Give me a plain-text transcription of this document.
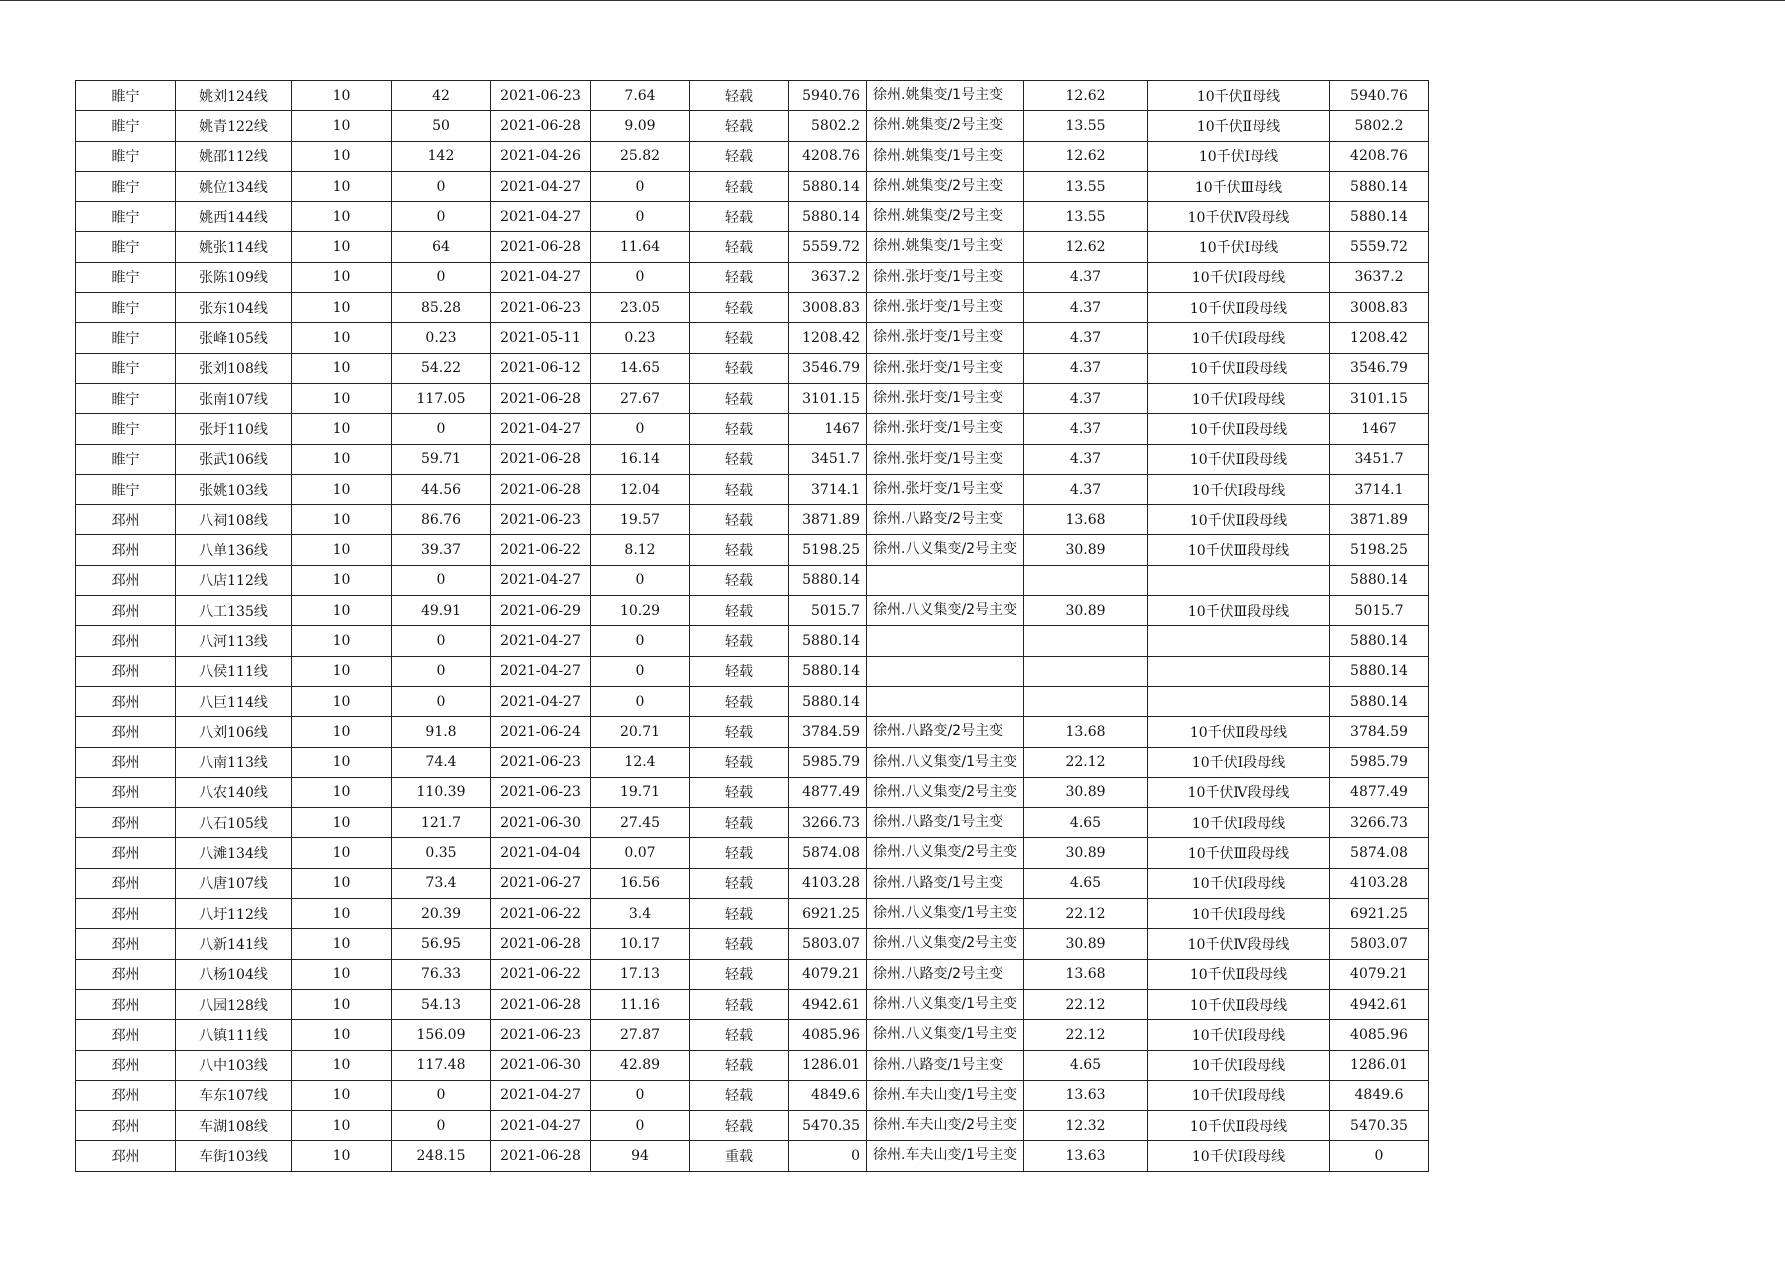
睢宁	姚刘124线	10	42	2021-06-23	7.64	轻载	5940.76	徐州.姚集变/1号主变	12.62	10千伏Ⅱ母线	5940.76
睢宁	姚青122线	10	50	2021-06-28	9.09	轻载	5802.2	徐州.姚集变/2号主变	13.55	10千伏Ⅱ母线	5802.2
睢宁	姚邵112线	10	142	2021-04-26	25.82	轻载	4208.76	徐州.姚集变/1号主变	12.62	10千伏Ⅰ母线	4208.76
睢宁	姚位134线	10	0	2021-04-27	0	轻载	5880.14	徐州.姚集变/2号主变	13.55	10千伏Ⅲ母线	5880.14
睢宁	姚西144线	10	0	2021-04-27	0	轻载	5880.14	徐州.姚集变/2号主变	13.55	10千伏Ⅳ段母线	5880.14
睢宁	姚张114线	10	64	2021-06-28	11.64	轻载	5559.72	徐州.姚集变/1号主变	12.62	10千伏Ⅰ母线	5559.72
睢宁	张陈109线	10	0	2021-04-27	0	轻载	3637.2	徐州.张圩变/1号主变	4.37	10千伏Ⅰ段母线	3637.2
睢宁	张东104线	10	85.28	2021-06-23	23.05	轻载	3008.83	徐州.张圩变/1号主变	4.37	10千伏Ⅱ段母线	3008.83
睢宁	张峰105线	10	0.23	2021-05-11	0.23	轻载	1208.42	徐州.张圩变/1号主变	4.37	10千伏Ⅰ段母线	1208.42
睢宁	张刘108线	10	54.22	2021-06-12	14.65	轻载	3546.79	徐州.张圩变/1号主变	4.37	10千伏Ⅱ段母线	3546.79
睢宁	张南107线	10	117.05	2021-06-28	27.67	轻载	3101.15	徐州.张圩变/1号主变	4.37	10千伏Ⅰ段母线	3101.15
睢宁	张圩110线	10	0	2021-04-27	0	轻载	1467	徐州.张圩变/1号主变	4.37	10千伏Ⅱ段母线	1467
睢宁	张武106线	10	59.71	2021-06-28	16.14	轻载	3451.7	徐州.张圩变/1号主变	4.37	10千伏Ⅱ段母线	3451.7
睢宁	张姚103线	10	44.56	2021-06-28	12.04	轻载	3714.1	徐州.张圩变/1号主变	4.37	10千伏Ⅰ段母线	3714.1
邳州	八祠108线	10	86.76	2021-06-23	19.57	轻载	3871.89	徐州.八路变/2号主变	13.68	10千伏Ⅱ段母线	3871.89
邳州	八单136线	10	39.37	2021-06-22	8.12	轻载	5198.25	徐州.八义集变/2号主变	30.89	10千伏Ⅲ段母线	5198.25
邳州	八店112线	10	0	2021-04-27	0	轻载	5880.14				5880.14
邳州	八工135线	10	49.91	2021-06-29	10.29	轻载	5015.7	徐州.八义集变/2号主变	30.89	10千伏Ⅲ段母线	5015.7
邳州	八河113线	10	0	2021-04-27	0	轻载	5880.14				5880.14
邳州	八侯111线	10	0	2021-04-27	0	轻载	5880.14				5880.14
邳州	八巨114线	10	0	2021-04-27	0	轻载	5880.14				5880.14
邳州	八刘106线	10	91.8	2021-06-24	20.71	轻载	3784.59	徐州.八路变/2号主变	13.68	10千伏Ⅱ段母线	3784.59
邳州	八南113线	10	74.4	2021-06-23	12.4	轻载	5985.79	徐州.八义集变/1号主变	22.12	10千伏Ⅰ段母线	5985.79
邳州	八农140线	10	110.39	2021-06-23	19.71	轻载	4877.49	徐州.八义集变/2号主变	30.89	10千伏Ⅳ段母线	4877.49
邳州	八石105线	10	121.7	2021-06-30	27.45	轻载	3266.73	徐州.八路变/1号主变	4.65	10千伏Ⅰ段母线	3266.73
邳州	八滩134线	10	0.35	2021-04-04	0.07	轻载	5874.08	徐州.八义集变/2号主变	30.89	10千伏Ⅲ段母线	5874.08
邳州	八唐107线	10	73.4	2021-06-27	16.56	轻载	4103.28	徐州.八路变/1号主变	4.65	10千伏Ⅰ段母线	4103.28
邳州	八圩112线	10	20.39	2021-06-22	3.4	轻载	6921.25	徐州.八义集变/1号主变	22.12	10千伏Ⅰ段母线	6921.25
邳州	八新141线	10	56.95	2021-06-28	10.17	轻载	5803.07	徐州.八义集变/2号主变	30.89	10千伏Ⅳ段母线	5803.07
邳州	八杨104线	10	76.33	2021-06-22	17.13	轻载	4079.21	徐州.八路变/2号主变	13.68	10千伏Ⅱ段母线	4079.21
邳州	八园128线	10	54.13	2021-06-28	11.16	轻载	4942.61	徐州.八义集变/1号主变	22.12	10千伏Ⅱ段母线	4942.61
邳州	八镇111线	10	156.09	2021-06-23	27.87	轻载	4085.96	徐州.八义集变/1号主变	22.12	10千伏Ⅰ段母线	4085.96
邳州	八中103线	10	117.48	2021-06-30	42.89	轻载	1286.01	徐州.八路变/1号主变	4.65	10千伏Ⅰ段母线	1286.01
邳州	车东107线	10	0	2021-04-27	0	轻载	4849.6	徐州.车夫山变/1号主变	13.63	10千伏Ⅰ段母线	4849.6
邳州	车湖108线	10	0	2021-04-27	0	轻载	5470.35	徐州.车夫山变/2号主变	12.32	10千伏Ⅱ段母线	5470.35
邳州	车街103线	10	248.15	2021-06-28	94	重载	0	徐州.车夫山变/1号主变	13.63	10千伏Ⅰ段母线	0
